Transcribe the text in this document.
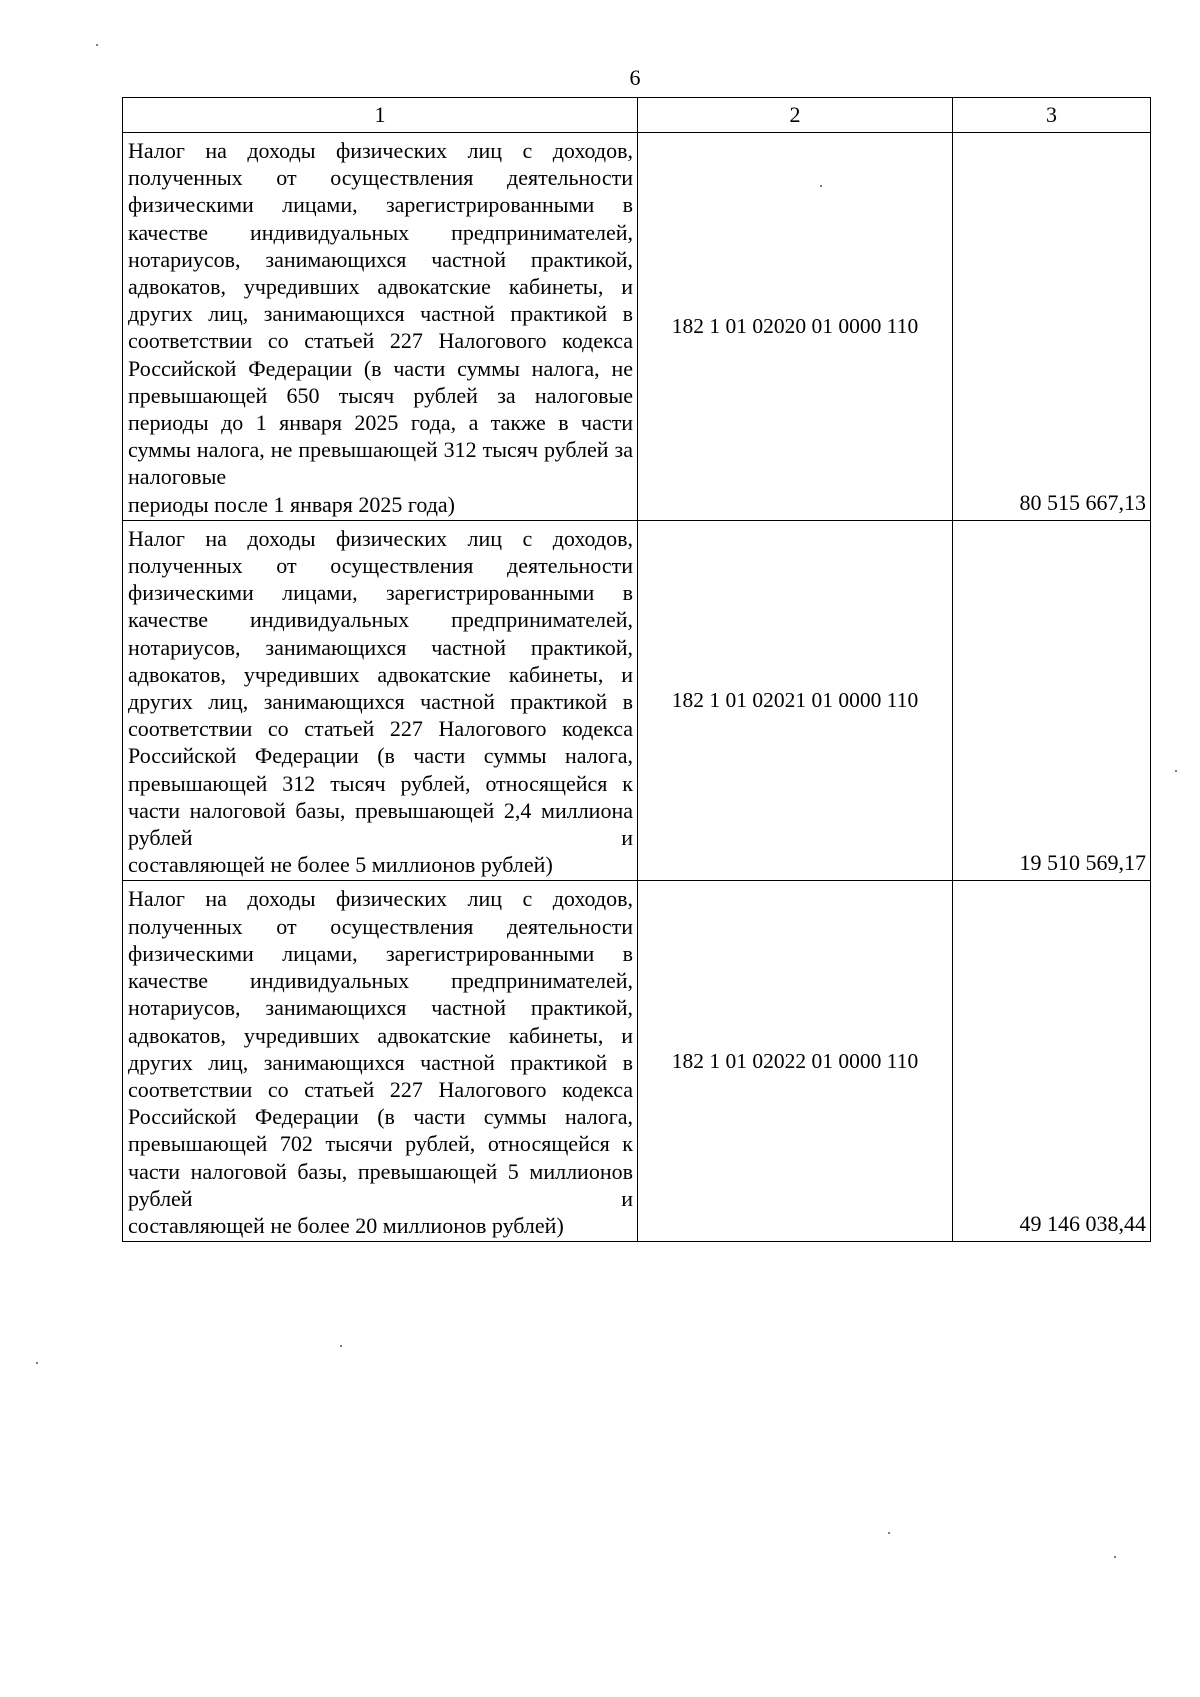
6
1	2	3

Налог на доходы физических лиц с доходов, полученных от осуществления деятельности физическими лицами, зарегистрированными в качестве индивидуальных предпринимателей, нотариусов, занимающихся частной практикой, адвокатов, учредивших адвокатские кабинеты, и других лиц, занимающихся частной практикой в соответствии со статьей 227 Налогового кодекса Российской Федерации (в части суммы налога, не превышающей 650 тысяч рублей за налоговые периоды до 1 января 2025 года, а также в части суммы налога, не превышающей 312 тысяч рублей за налоговые
периоды после 1 января 2025 года)	182 1 01 02020 01 0000 110	80 515 667,13

Налог на доходы физических лиц с доходов, полученных от осуществления деятельности физическими лицами, зарегистрированными в качестве индивидуальных предпринимателей, нотариусов, занимающихся частной практикой, адвокатов, учредивших адвокатские кабинеты, и других лиц, занимающихся частной практикой в соответствии со статьей 227 Налогового кодекса Российской Федерации (в части суммы налога, превышающей 312 тысяч рублей, относящейся к части налоговой базы, превышающей 2,4 миллиона рублей и
составляющей не более 5 миллионов рублей)	182 1 01 02021 01 0000 110	19 510 569,17

Налог на доходы физических лиц с доходов, полученных от осуществления деятельности физическими лицами, зарегистрированными в качестве индивидуальных предпринимателей, нотариусов, занимающихся частной практикой, адвокатов, учредивших адвокатские кабинеты, и других лиц, занимающихся частной практикой в соответствии со статьей 227 Налогового кодекса Российской Федерации (в части суммы налога, превышающей 702 тысячи рублей, относящейся к части налоговой базы, превышающей 5 миллионов рублей и
составляющей не более 20 миллионов рублей)	182 1 01 02022 01 0000 110	49 146 038,44
